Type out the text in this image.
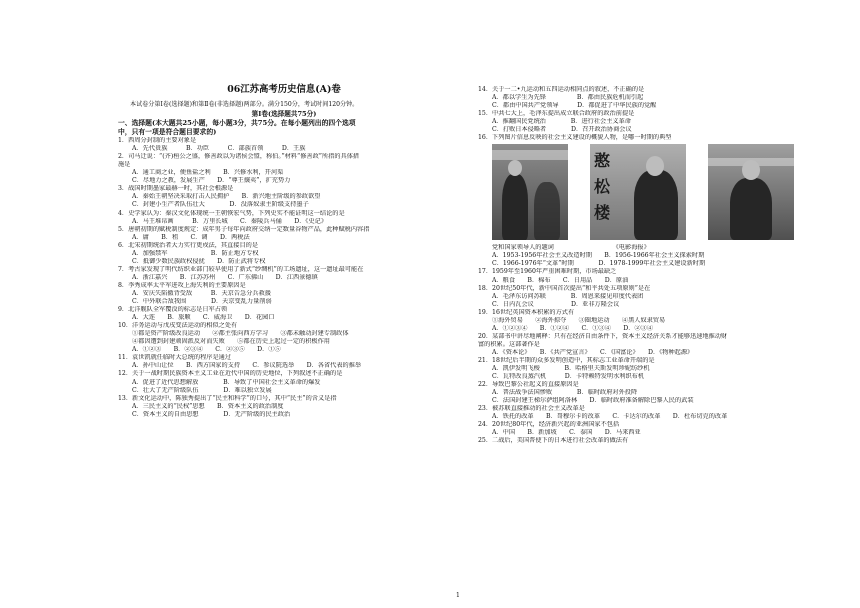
06江苏高考历史信息(A)卷
本试卷分第Ⅰ卷(选择题)和第Ⅱ卷(非选择题)两部分。满分150分，考试时间120分钟。
第Ⅰ卷(选择题共75分)
一、选择题(本大题共25小题，每小题3分，共75分。在每小题列出的四个选项
中，只有一项是符合题目要求的)
1．西周分封制的主要对象是
A．先代贵族　　　B．功臣　　　C．部族首领　　　D．王族
2．司马迁说：“(齐)桓公之盛，修善政以为诸侯会盟，称伯。”材料“修善政”所指的具体措
施是
A．通工商之业，便鱼盐之利　　B．兴修水利，开河渠　
C．尽地力之教，发展生产　　D．“尊王攘夷”，扩充势力
3．战国时期墨家最赫一时，其社会根源是
A．秦始王朝坚决采取打击人民拥护　　B．新兴地主阶级的参政欲望
C．封建小生产者队伍壮大　　　　D．没落奴隶主阶级支持墨子
4．史学家认为：秦汉文化体现统一王朝恢宏气势，下列史实不能证明这一结论的是
A．马王堆帛画　　　B．万里长城　　C．秦陵兵马俑　　D．《史记》
5．唐朝初期的赋税制度规定：成年男子每年向政府交纳一定数量谷物产品，此种赋税内容指
A．庸　　B．租　　C．调　　D．两税法
6．北宋初期统治者大力实行更戍法，其直接目的是
A．加强禁军　　　　　　　B．防止地方专权
C．抵御少数民族政权侵扰　　D．防止武将专权
7．考古家发现了明代纺织业部门较早使用了新式“纱绸机”的工场遗址，这一遗址最可能在
A．浙江嘉兴　　B．江苏苏州　　C．广东佛山　　D．江西景德镇
8．李秀成率太平军进攻上海失利的主要原因是
A．安庆失陷撤背受敌　　　B．天京告急分兵救援
C．中外联合敌我围　　　　D．天京变乱力量削弱
9．北洋舰队全军覆没的标志是日军占领
A．大连　　B．旅顺　　C．威海卫　　D．花园口
10．洋务运动与戊戌变法运动的相似之处有
①都是资产阶级改良运动　　②都主张向西方学习　　③都未触动封建专制政体
④都因遭到封建顽固派反对而失败　　⑤都在历史上起过一定的积极作用
A．①②③　　B．②③④　　C．②③⑤　　D．①⑤
11．袁世凯就任临时大总统的程序是通过
A．孙中山让位　　B．西方国家的支持　　C．参议院选举　　D．各省代表的推举
12．关于一战时期民族资本主义工业在近代中国的历史地位，下列叙述不正确的是
A．促进了近代思想解放　　　　B．导致了中国社会主义革命的爆发
C．壮大了无产阶级队伍　　　　D．难以独立发展
13．新文化运动中，陈独秀提出了“民主和科学”的口号，其中“民主”的含义是指
A．三民主义的“民权”思想　　B．资本主义的政治制度
C．资本主义的自由思想　　　　D．无产阶级的民主政治
14．关于一二•九运动和五四运动相同点的叙述，不正确的是
A．都以学生为先锋　　　　　B．都由民族危机而引起
C．都由中国共产党领导　　　D．都促进了中华民族的觉醒
15．中共七大上，毛泽东提出成立联合政府的政治前提是
A．推翻国民党统治　　　　B．进行社会主义革命
C．打败日本侵略者　　　　D．召开政治协商会议
16．下列图片信息反映的社会主义建设的概貌人物，是哪一时期的典型
憨 松 楼
党和国家领导人的题词　　　　　　　　　　《电影海报》
A．1953-1956年社会主义改造时期　　B．1956-1966年社会主义探索时期
C．1966-1976年“文革”时期　　　　D．1978-1999年社会主义建设新时期
17．1959年至1960年严重困难时期，市场最缺乏
A．粮食　　B．棉布　　C．日用品　　D．原油
18．20世纪50年代，新中国首次提出“和平共处五项原则”是在
A．毛泽东访问苏联　　　　B．周恩来接见印度代表团
C．日内瓦会议　　　　　　D．亚非万隆会议
19．16世纪英国资本积累的方式有
①海外贸易　　②海外掠夺　　③圈地运动　　④黑人奴隶贸易
A．①②③④　　B．①②④　　C．①③④　　D．②③④
20．某部书中讲尽地阐释：只有在经济自由条件下，资本主义经济关系才能够迅速地推动财
富的积累。这部著作是
A．《资本论》　　B．《共产党宣言》　　C．《国富论》　　D．《物种起源》
21．18世纪后半期的众多发明创造中，其标志工业革命开端的是
A．凯伊发明飞梭　　　　B．哈格里夫斯发明珍妮纺纱机
C．瓦特改良蒸汽机　　　D．卡特赖特发明水利织布机
22．导致巴黎公社起义的直接原因是
A．普法战争法国惨败　　　　B．临时政府对外投降
C．法国封建王梯尔萨组阿洛林　　D．临时政府准备解除巴黎人民的武装
23．被苏联直接推动的社会主义改革是
A．铁托的改革　　B．哥穆尔卡的改革　　C．卡达尔的改革　　D．杜布切克的改革
24．20世纪80年代，经济新兴起的亚洲国家不包括
A．中国　　B．新加坡　　C．泰国　　D．马来西亚
25．二战后，美国普使下的日本进行社会改革的做法有
1
